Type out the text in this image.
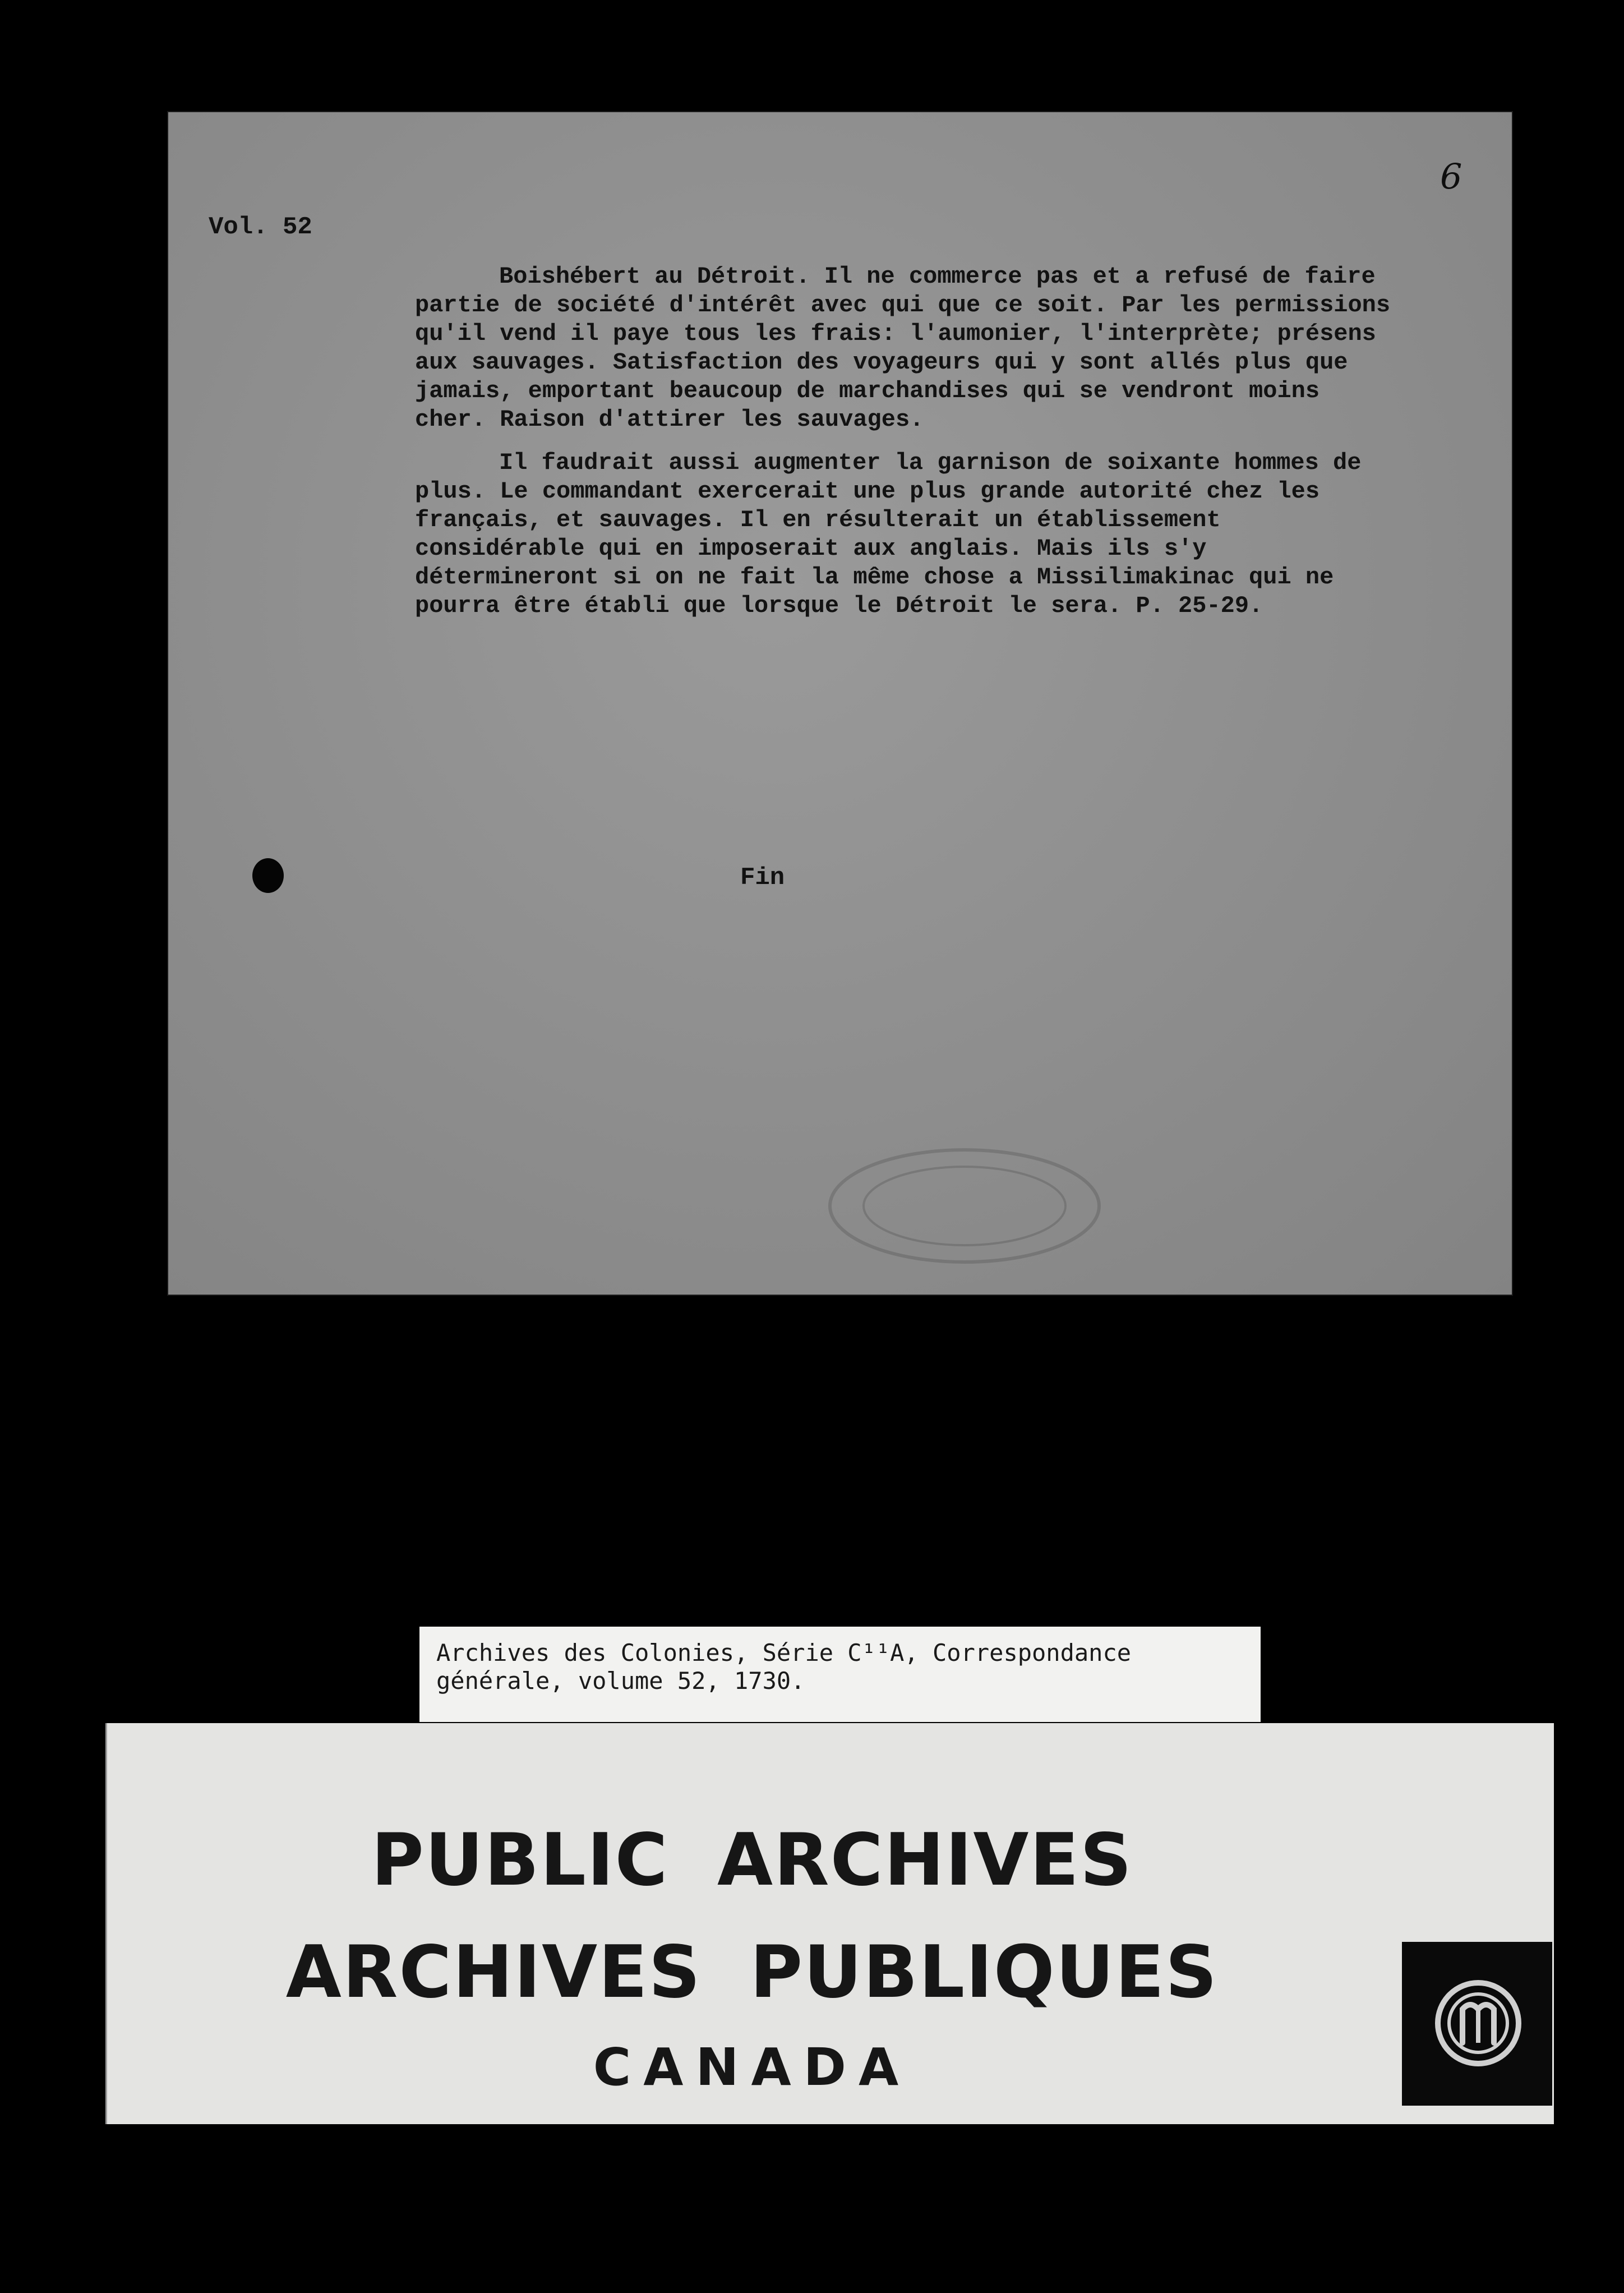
Vol. 52
6

Boishébert au Détroit. Il ne commerce pas et a refusé de faire partie de société d'intérêt avec qui que ce soit. Par les permissions qu'il vend il paye tous les frais: l'aumonier, l'interprète; présens aux sauvages. Satisfaction des voyageurs qui y sont allés plus que jamais, emportant beaucoup de marchandises qui se vendront moins cher. Raison d'attirer les sauvages.

Il faudrait aussi augmenter la garnison de soixante hommes de plus. Le commandant exercerait une plus grande autorité chez les français, et sauvages. Il en résulterait un établissement considérable qui en imposerait aux anglais. Mais ils s'y détermineront si on ne fait la même chose a Missilimakinac qui ne pourra être établi que lorsque le Détroit le sera. P. 25-29.

Fin
Archives des Colonies, Série C¹¹A, Correspondance générale, volume 52, 1730.
PUBLIC ARCHIVES
ARCHIVES PUBLIQUES
CANADA
